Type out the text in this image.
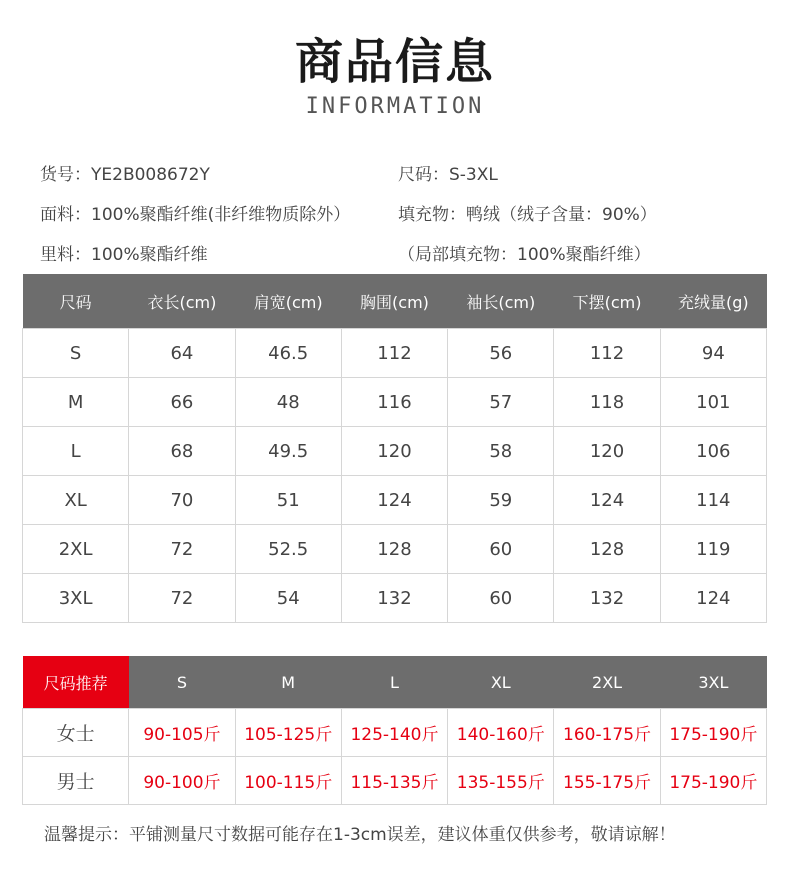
商品信息
INFORMATION
货号：YE2B008672Y	尺码：S-3XL
面料：100%聚酯纤维(非纤维物质除外）	填充物：鸭绒（绒子含量：90%）
里料：100%聚酯纤维	（局部填充物：100%聚酯纤维）
尺码	衣长(cm)	肩宽(cm)	胸围(cm)	袖长(cm)	下摆(cm)	充绒量(g)
S	64	46.5	112	56	112	94
M	66	48	116	57	118	101
L	68	49.5	120	58	120	106
XL	70	51	124	59	124	114
2XL	72	52.5	128	60	128	119
3XL	72	54	132	60	132	124
尺码推荐	S	M	L	XL	2XL	3XL
女士	90-105斤	105-125斤	125-140斤	140-160斤	160-175斤	175-190斤
男士	90-100斤	100-115斤	115-135斤	135-155斤	155-175斤	175-190斤
温馨提示：平铺测量尺寸数据可能存在1-3cm误差，建议体重仅供参考，敬请谅解！
